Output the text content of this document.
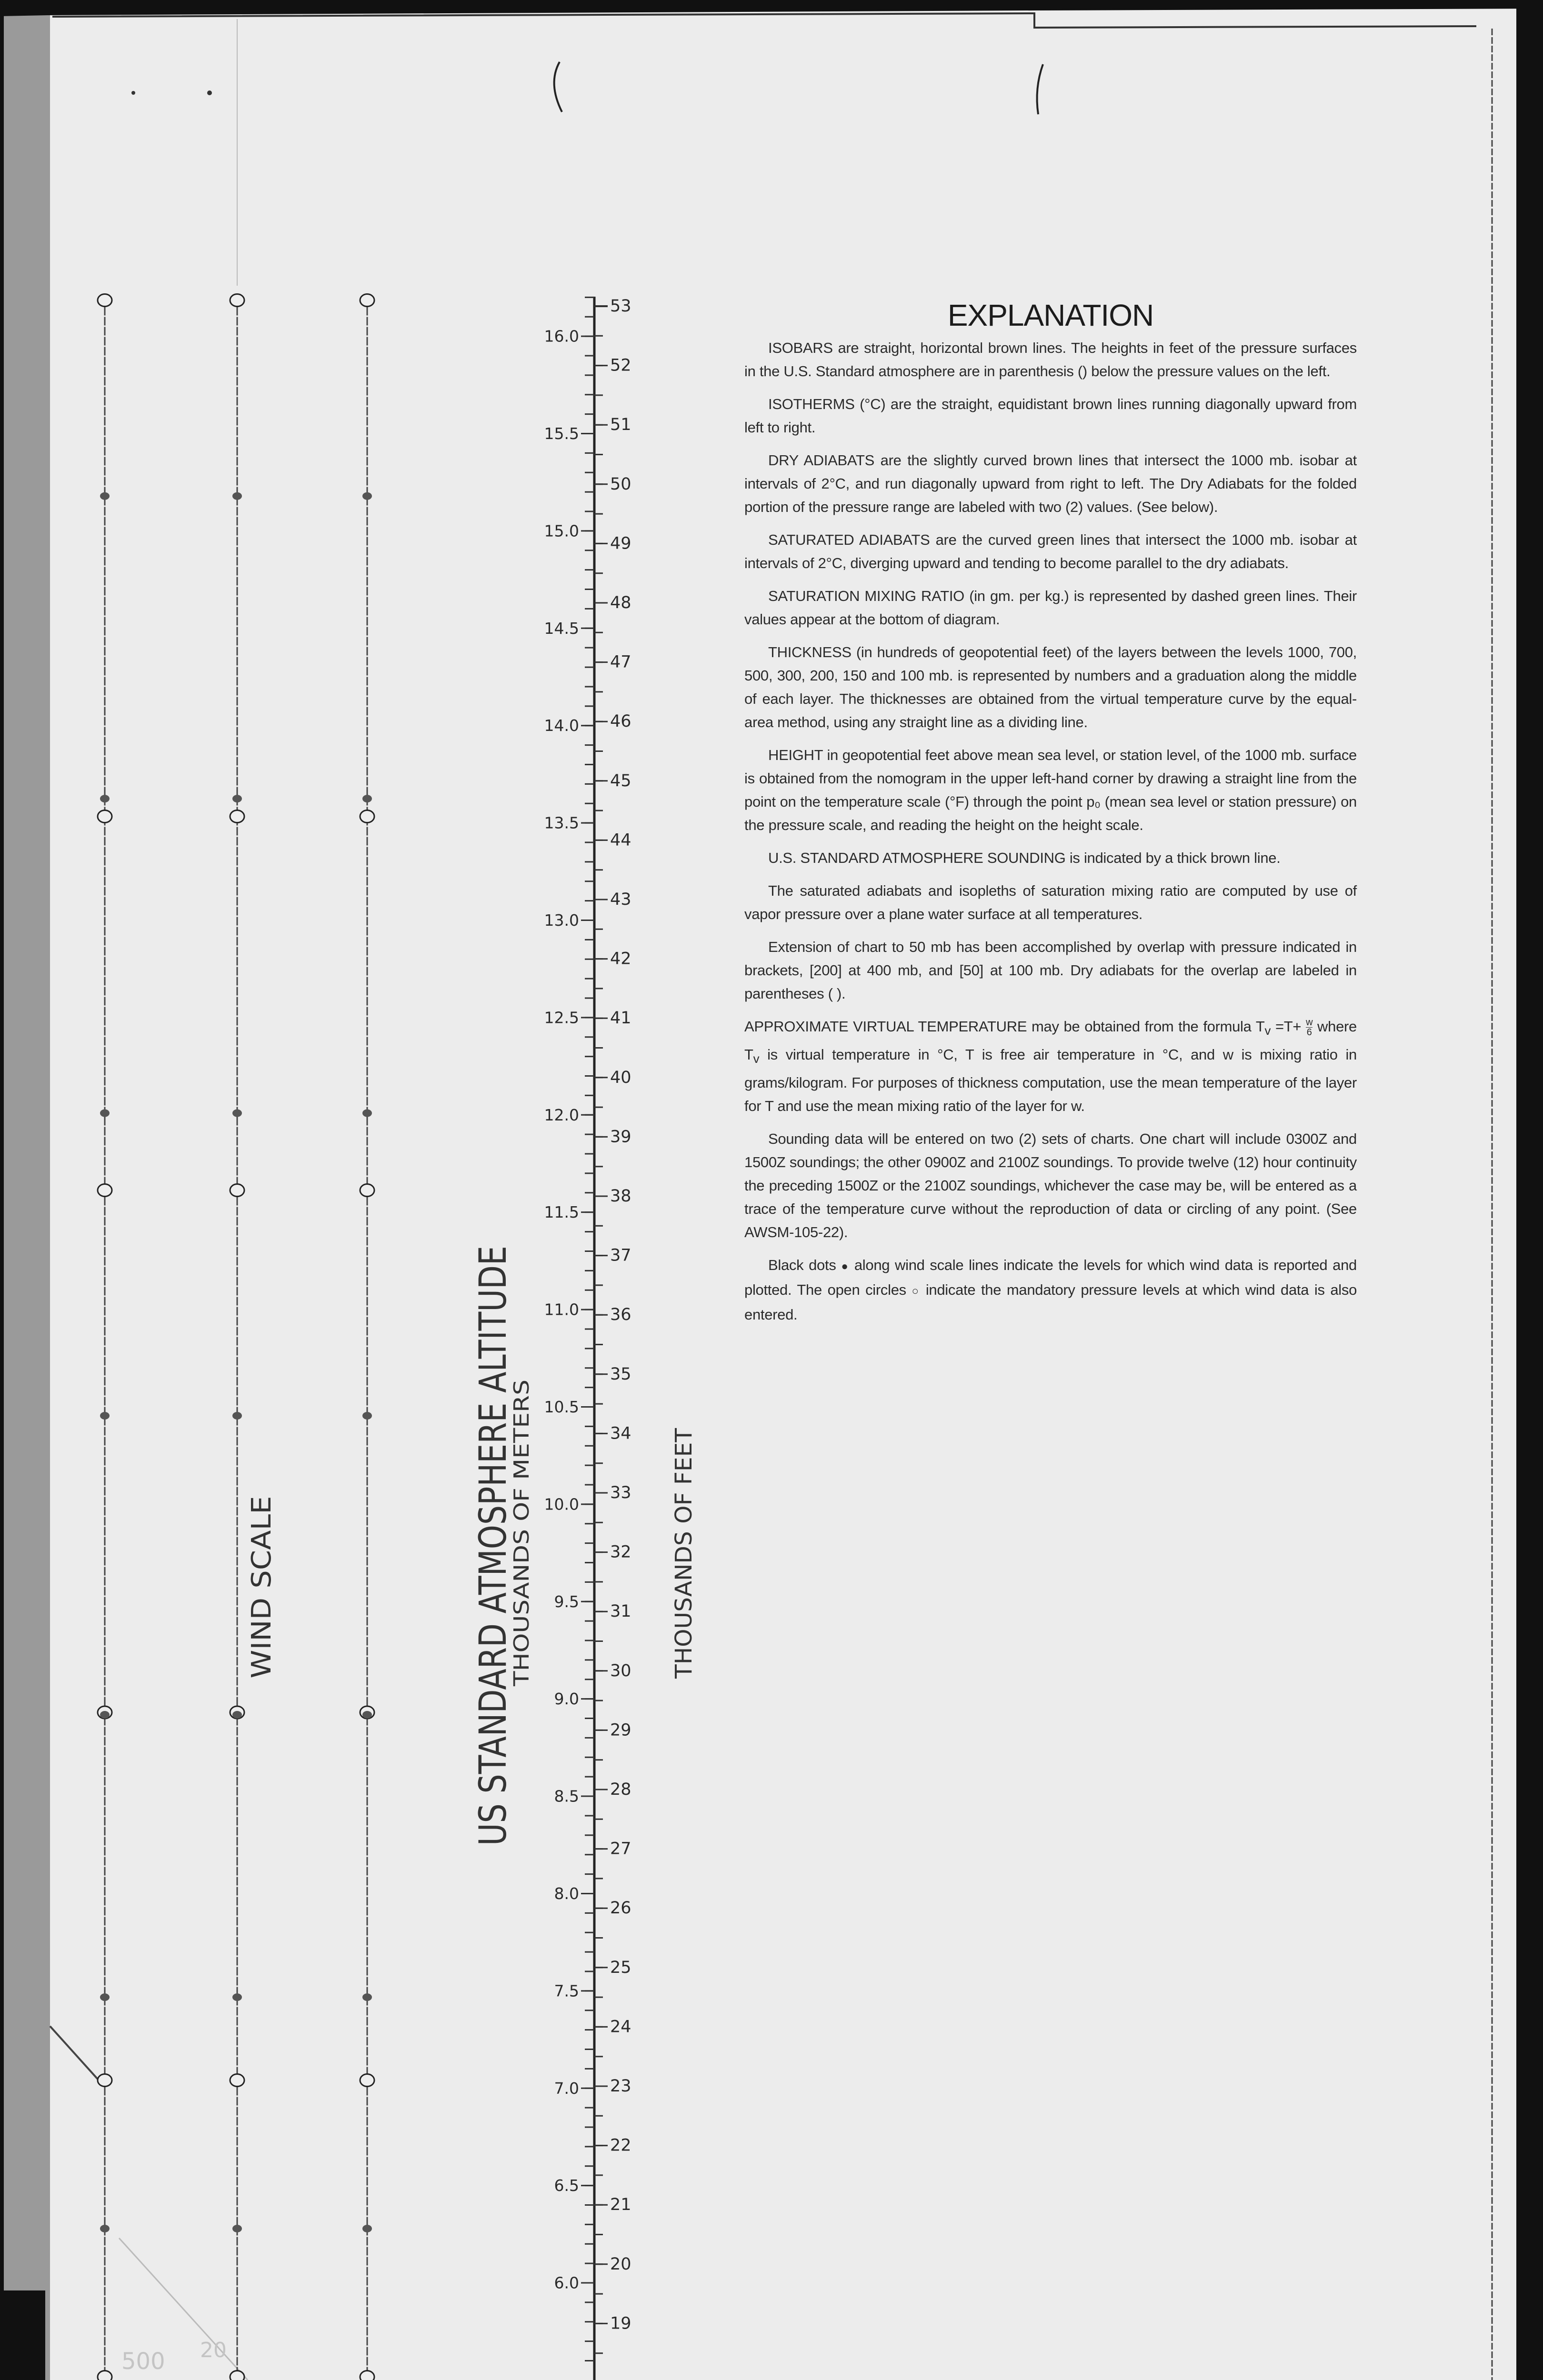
500 20
16.0
15.5
15.0
14.5
14.0
13.5
13.0
12.5
12.0
11.5
11.0
10.5
10.0
9.5
9.0
8.5
8.0
7.5
7.0
6.5
6.0
53
52
51
50
49
48
47
46
45
44
43
42
41
40
39
38
37
36
35
34
33
32
31
30
29
28
27
26
25
24
23
22
21
20
19
WIND SCALE	US STANDARD ATMOSPHERE ALTITUDE
THOUSANDS OF METERS	THOUSANDS OF FEET
EXPLANATION

ISOBARS are straight, horizontal brown lines. The heights in feet of the pressure surfaces in the U.S. Standard atmosphere are in parenthesis () below the pressure values on the left.

ISOTHERMS (°C) are the straight, equidistant brown lines running diagonally upward from left to right.

DRY ADIABATS are the slightly curved brown lines that intersect the 1000 mb. isobar at intervals of 2°C, and run diagonally upward from right to left. The Dry Adiabats for the folded portion of the pressure range are labeled with two (2) values. (See below).

SATURATED ADIABATS are the curved green lines that intersect the 1000 mb. isobar at intervals of 2°C, diverging upward and tending to become parallel to the dry adiabats.

SATURATION MIXING RATIO (in gm. per kg.) is represented by dashed green lines. Their values appear at the bottom of diagram.

THICKNESS (in hundreds of geopotential feet) of the layers between the levels 1000, 700, 500, 300, 200, 150 and 100 mb. is represented by numbers and a graduation along the middle of each layer. The thicknesses are obtained from the virtual temperature curve by the equal-area method, using any straight line as a dividing line.

HEIGHT in geopotential feet above mean sea level, or station level, of the 1000 mb. surface is obtained from the nomogram in the upper left-hand corner by drawing a straight line from the point on the temperature scale (°F) through the point p₀ (mean sea level or station pressure) on the pressure scale, and reading the height on the height scale.

U.S. STANDARD ATMOSPHERE SOUNDING is indicated by a thick brown line.

The saturated adiabats and isopleths of saturation mixing ratio are computed by use of vapor pressure over a plane water surface at all temperatures.

Extension of chart to 50 mb has been accomplished by overlap with pressure indicated in brackets, [200] at 400 mb, and [50] at 100 mb. Dry adiabats for the overlap are labeled in parentheses ( ).

APPROXIMATE VIRTUAL TEMPERATURE may be obtained from the formula $T_v =T+ \frac{w}{6}$ where $T_v$ is virtual temperature in °C, T is free air temperature in °C, and w is mixing ratio in grams/kilogram. For purposes of thickness computation, use the mean temperature of the layer for T and use the mean mixing ratio of the layer for w.

Sounding data will be entered on two (2) sets of charts. One chart will include 0300Z and 1500Z soundings; the other 0900Z and 2100Z soundings. To provide twelve (12) hour continuity the preceding 1500Z or the 2100Z soundings, whichever the case may be, will be entered as a trace of the temperature curve without the reproduction of data or circling of any point. (See AWSM-105-22).

Black dots ● along wind scale lines indicate the levels for which wind data is reported and plotted. The open circles ○ indicate the mandatory pressure levels at which wind data is also entered.
